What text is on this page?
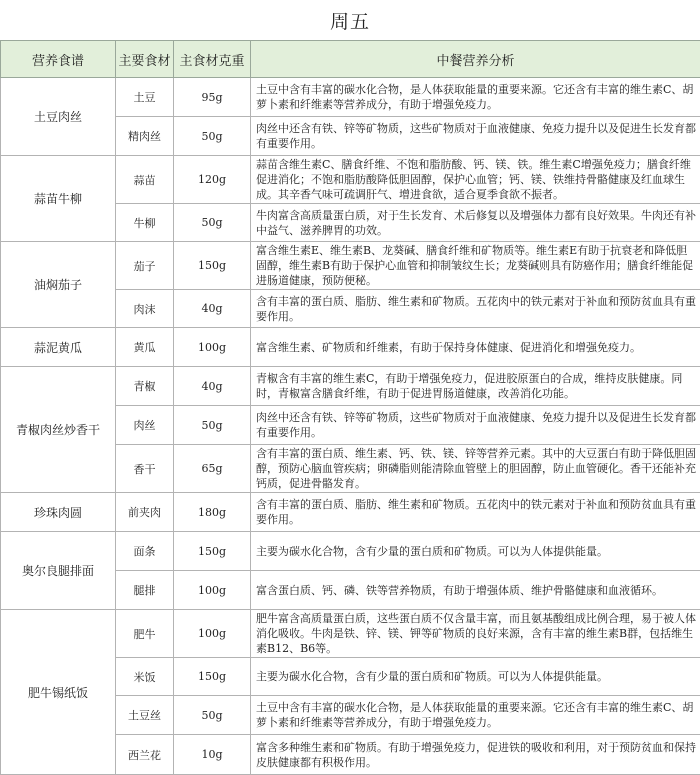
周五
营养食谱	主要食材	主食材克重	中餐营养分析
土豆肉丝	土豆	95g	土豆中含有丰富的碳水化合物，是人体获取能量的重要来源。它还含有丰富的维生素C、胡萝卜素和纤维素等营养成分，有助于增强免疫力。
	精肉丝	50g	肉丝中还含有铁、锌等矿物质，这些矿物质对于血液健康、免疫力提升以及促进生长发育都有重要作用。
蒜苗牛柳	蒜苗	120g	蒜苗含维生素C、膳食纤维、不饱和脂肪酸、钙、镁、铁。维生素C增强免疫力；膳食纤维促进消化；不饱和脂肪酸降低胆固醇，保护心血管；钙、镁、铁维持骨骼健康及红血球生成。其辛香气味可疏调肝气、增进食欲，适合夏季食欲不振者。
	牛柳	50g	牛肉富含高质量蛋白质，对于生长发育、术后修复以及增强体力都有良好效果。牛肉还有补中益气、滋养脾胃的功效。
油焖茄子	茄子	150g	富含维生素E、维生素B、龙葵碱、膳食纤维和矿物质等。维生素E有助于抗衰老和降低胆固醇，维生素B有助于保护心血管和抑制皱纹生长；龙葵碱则具有防癌作用；膳食纤维能促进肠道健康，预防便秘。
	肉沫	40g	含有丰富的蛋白质、脂肪、维生素和矿物质。五花肉中的铁元素对于补血和预防贫血具有重要作用。
蒜泥黄瓜	黄瓜	100g	富含维生素、矿物质和纤维素，有助于保持身体健康、促进消化和增强免疫力。
青椒肉丝炒香干	青椒	40g	青椒含有丰富的维生素C，有助于增强免疫力，促进胶原蛋白的合成，维持皮肤健康。同时，青椒富含膳食纤维，有助于促进胃肠道健康，改善消化功能。
	肉丝	50g	肉丝中还含有铁、锌等矿物质，这些矿物质对于血液健康、免疫力提升以及促进生长发育都有重要作用。
	香干	65g	含有丰富的蛋白质、维生素、钙、铁、镁、锌等营养元素。其中的大豆蛋白有助于降低胆固醇，预防心脑血管疾病；卵磷脂则能清除血管壁上的胆固醇，防止血管硬化。香干还能补充钙质，促进骨骼发育。
珍珠肉圆	前夹肉	180g	含有丰富的蛋白质、脂肪、维生素和矿物质。五花肉中的铁元素对于补血和预防贫血具有重要作用。
奥尔良腿排面	面条	150g	主要为碳水化合物，含有少量的蛋白质和矿物质。可以为人体提供能量。
	腿排	100g	富含蛋白质、钙、磷、铁等营养物质，有助于增强体质、维护骨骼健康和血液循环。
肥牛锡纸饭	肥牛	100g	肥牛富含高质量蛋白质，这些蛋白质不仅含量丰富，而且氨基酸组成比例合理，易于被人体消化吸收。牛肉是铁、锌、镁、钾等矿物质的良好来源，含有丰富的维生素B群，包括维生素B12、B6等。
	米饭	150g	主要为碳水化合物，含有少量的蛋白质和矿物质。可以为人体提供能量。
	土豆丝	50g	土豆中含有丰富的碳水化合物，是人体获取能量的重要来源。它还含有丰富的维生素C、胡萝卜素和纤维素等营养成分，有助于增强免疫力。
	西兰花	10g	富含多种维生素和矿物质。有助于增强免疫力，促进铁的吸收和利用，对于预防贫血和保持皮肤健康都有积极作用。
